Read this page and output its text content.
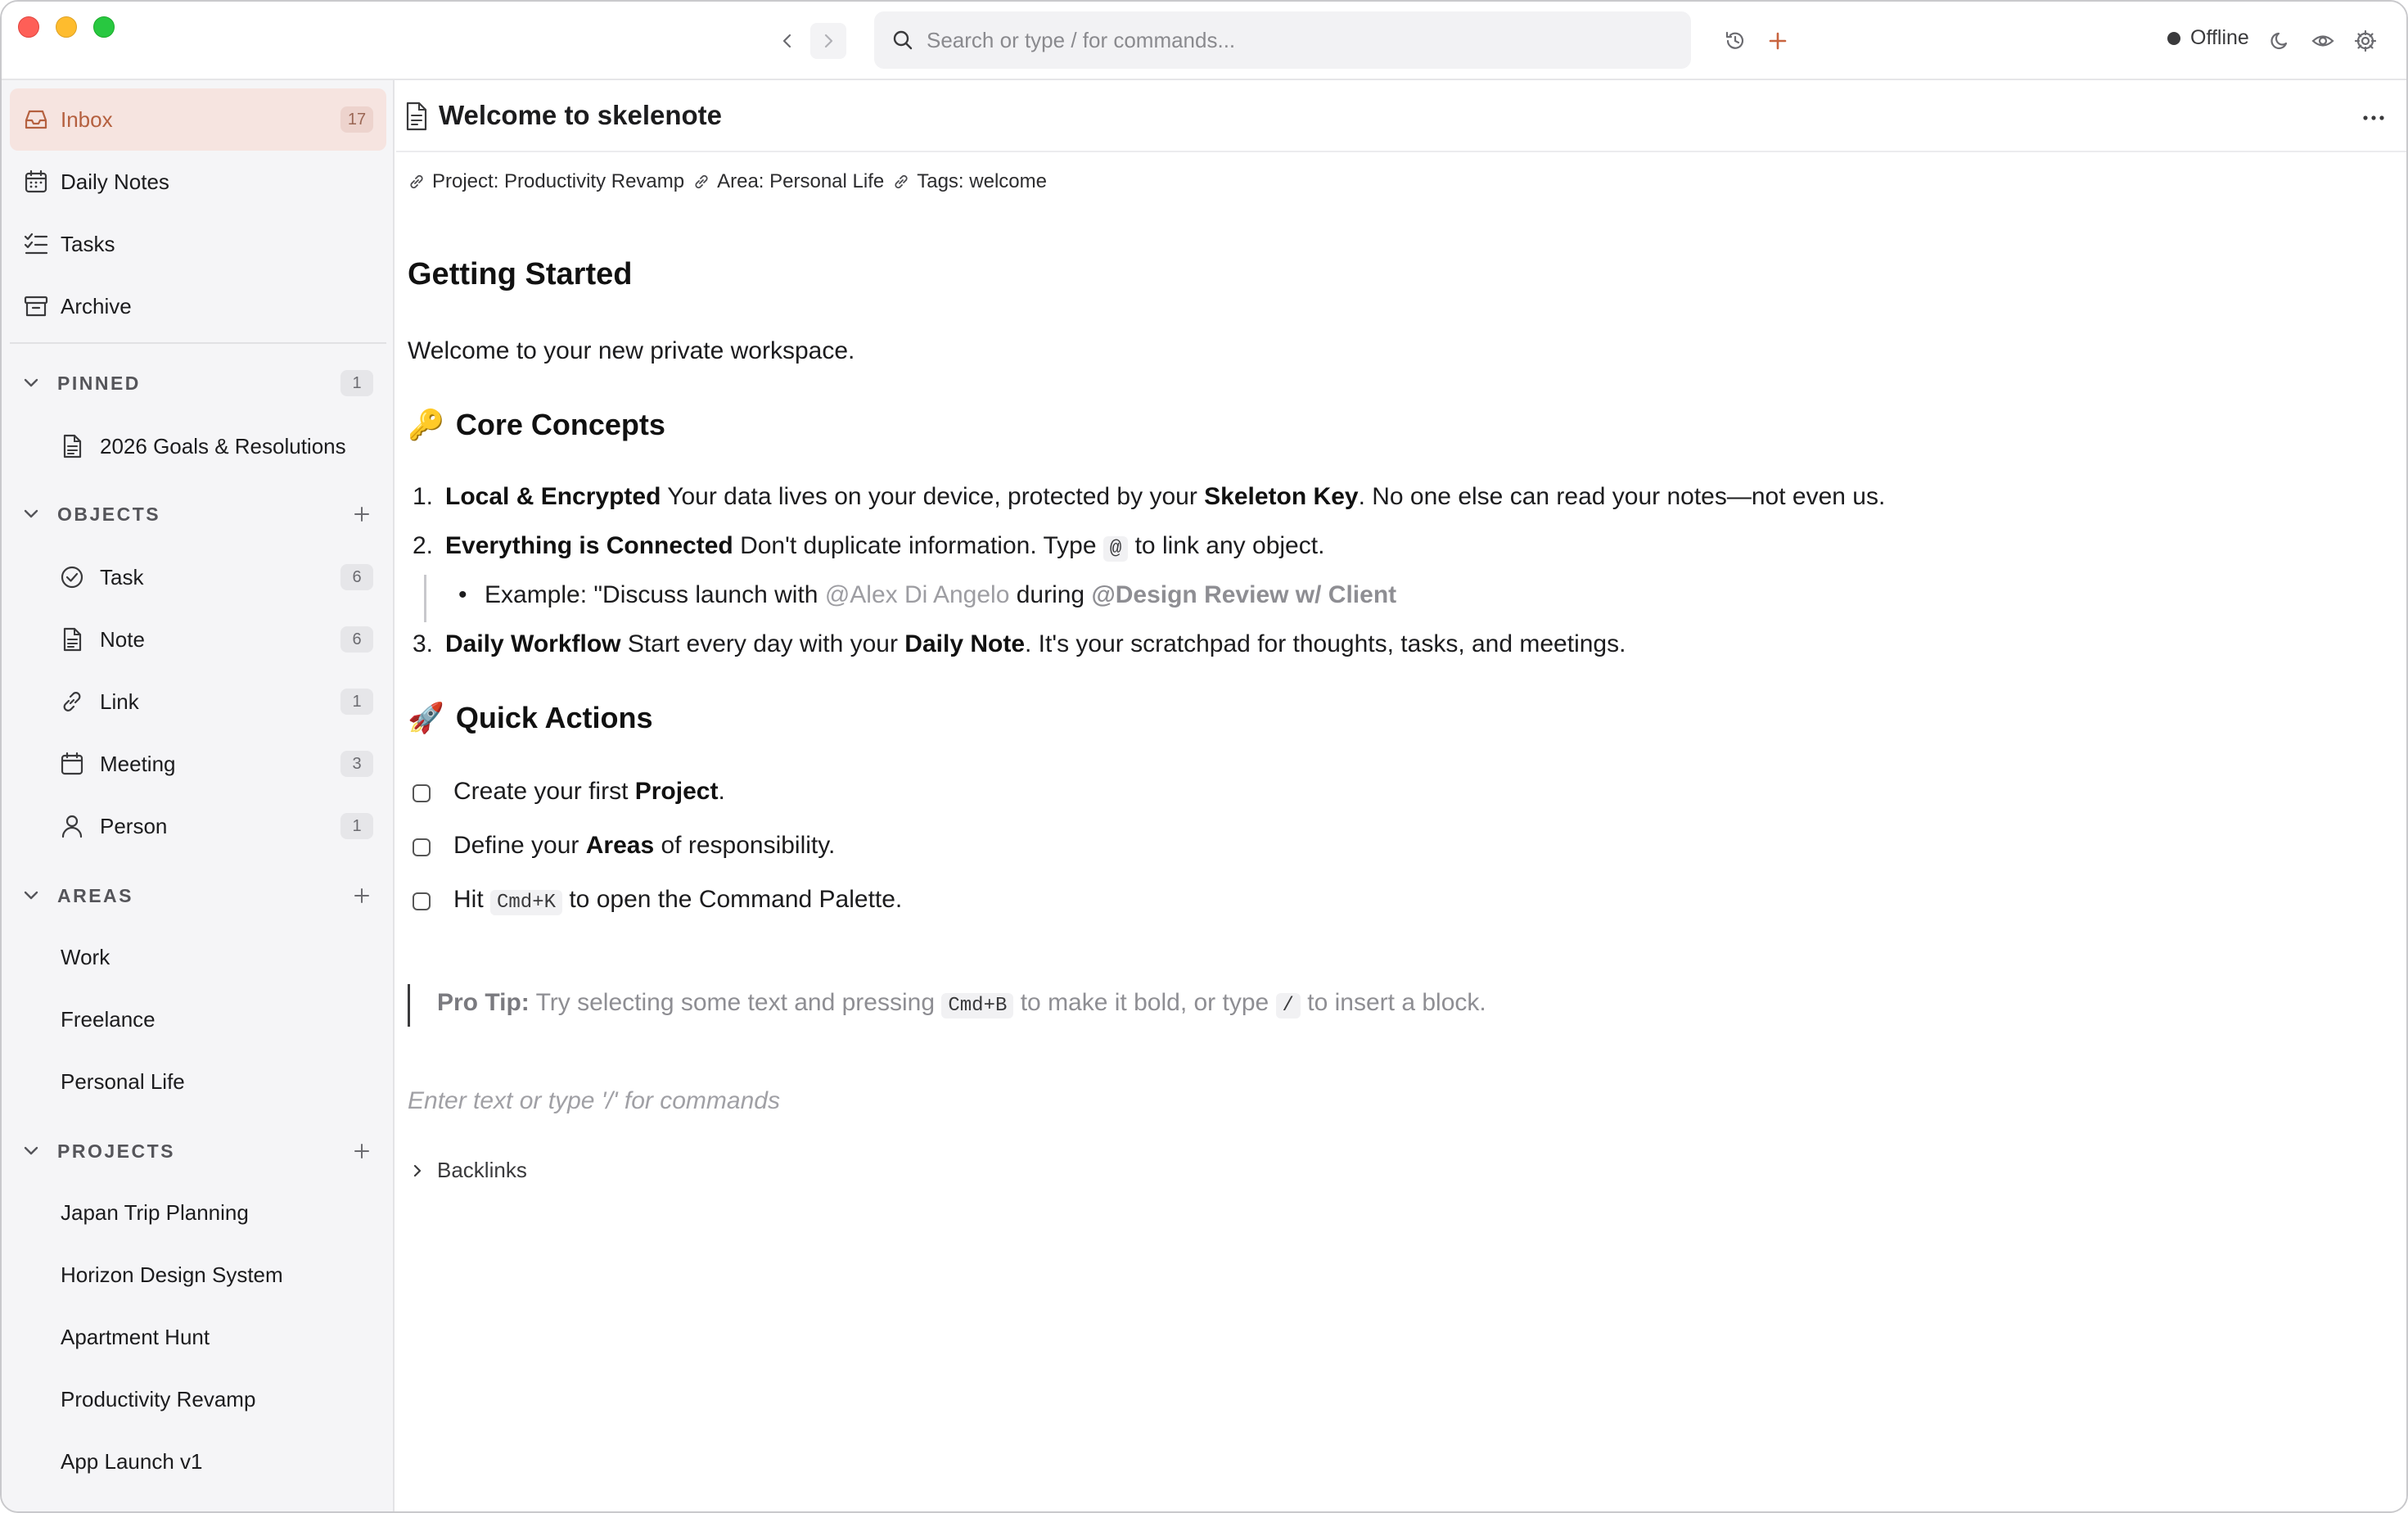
Search or type / for commands...
Offline
Inbox	17
Daily Notes
Tasks
Archive
PINNED	1
2026 Goals & Resolutions
OBJECTS
Task	6
Note	6
Link	1
Meeting	3
Person	1
AREAS
Work
Freelance
Personal Life
PROJECTS
Japan Trip Planning
Horizon Design System
Apartment Hunt
Productivity Revamp
App Launch v1
Welcome to skelenote
Project: Productivity Revamp Area: Personal Life Tags: welcome
Getting Started
Welcome to your new private workspace.
🔑 Core Concepts
1. Local & Encrypted Your data lives on your device, protected by your Skeleton Key. No one else can read your notes—not even us.
2. Everything is Connected Don't duplicate information. Type @ to link any object.
• Example: "Discuss launch with @Alex Di Angelo during @Design Review w/ Client
3. Daily Workflow Start every day with your Daily Note. It's your scratchpad for thoughts, tasks, and meetings.
🚀 Quick Actions
Create your first Project.
Define your Areas of responsibility.
Hit Cmd+K to open the Command Palette.
Pro Tip: Try selecting some text and pressing Cmd+B to make it bold, or type / to insert a block.
Enter text or type '/' for commands
Backlinks
